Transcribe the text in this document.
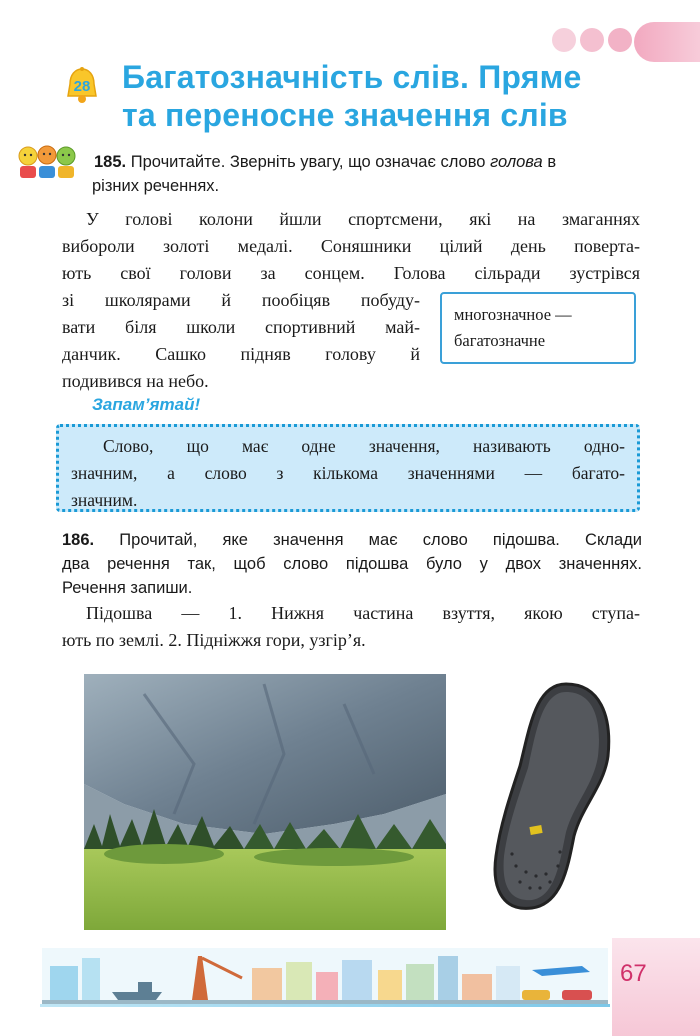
28 Багатозначність слів. Пряме
та переносне значення слів
185. Прочитайте. Зверніть увагу, що означає слово голова в
різних реченнях.
У головi колони йшли спортсмени, якi на змаганнях
вибороли золотi медалi. Соняшники цiлий день поверта-
ють свої голови за сонцем. Голова сiльради зустрiвся
зi школярами й пообiцяв побуду-
вати бiля школи спортивний май-
данчик. Сашко пiдняв голову й
подивився на небо.
многозначное —
багатозначне
Запам’ятай!

Слово, що має одне значення, називають одно-

значним, а слово з кiлькома значеннями — багато-

значним.

186. Прочитай, яке значення має слово пiдошва. Склади
два речення так, щоб слово пiдошва було у двох значеннях.
Речення запиши.
Пiдошва — 1. Нижня частина взуття, якою ступа-
ють по землi. 2. Пiднiжжя гори, узгiр’я.
67
